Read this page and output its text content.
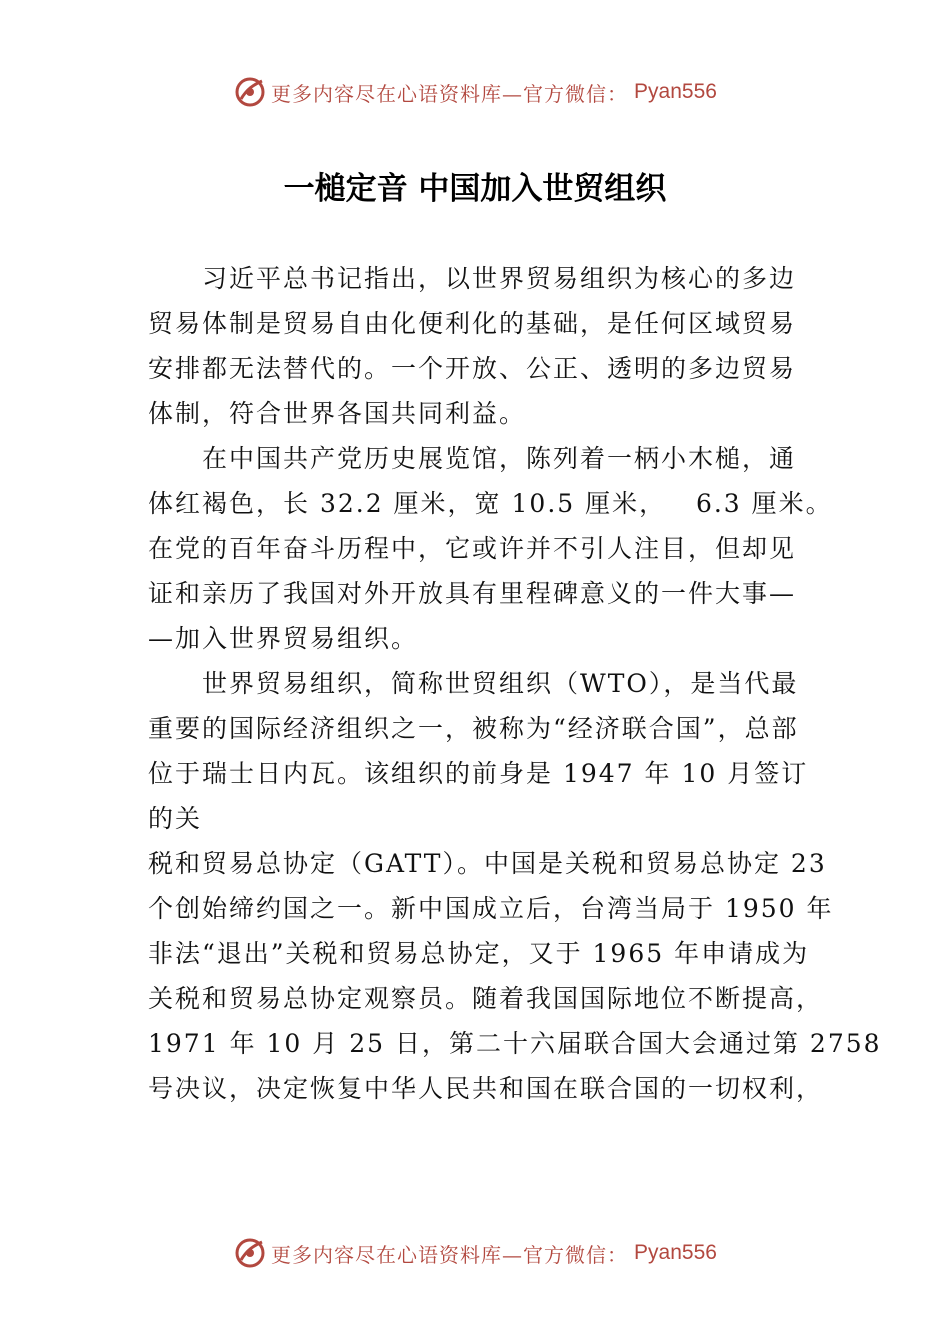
更多内容尽在心语资料库—官方微信： Pyan556
一槌定音 中国加入世贸组织
习近平总书记指出，以世界贸易组织为核心的多边
贸易体制是贸易自由化便利化的基础，是任何区域贸易
安排都无法替代的。一个开放、公正、透明的多边贸易
体制，符合世界各国共同利益。
在中国共产党历史展览馆，陈列着一柄小木槌，通
体红褐色，长 32.2 厘米，宽 10.5 厘米，   6.3 厘米。
在党的百年奋斗历程中，它或许并不引人注目，但却见
证和亲历了我国对外开放具有里程碑意义的一件大事—
—加入世界贸易组织。
世界贸易组织，简称世贸组织（WTO），是当代最
重要的国际经济组织之一，被称为“经济联合国”，总部
位于瑞士日内瓦。该组织的前身是 1947 年 10 月签订
的关
税和贸易总协定（GATT）。中国是关税和贸易总协定 23
个创始缔约国之一。新中国成立后，台湾当局于 1950 年
非法“退出”关税和贸易总协定，又于 1965 年申请成为
关税和贸易总协定观察员。随着我国国际地位不断提高，
1971 年 10 月 25 日，第二十六届联合国大会通过第 2758
号决议，决定恢复中华人民共和国在联合国的一切权利，
更多内容尽在心语资料库—官方微信： Pyan556
